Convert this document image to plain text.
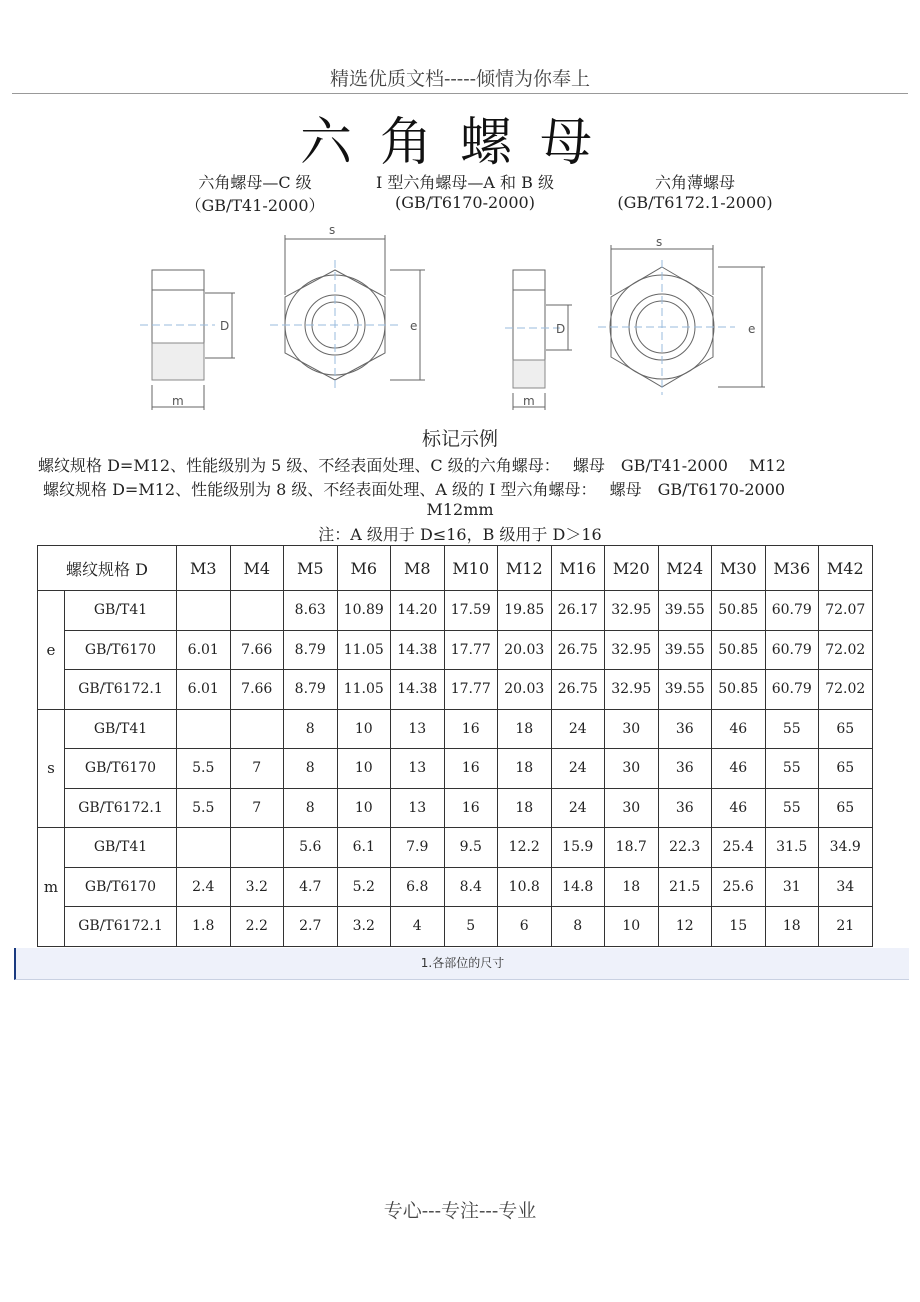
精选优质文档-----倾情为你奉上
六角螺母
六角螺母—C 级
（GB/T41-2000）
I 型六角螺母—A 和 B 级
(GB/T6170-2000)
六角薄螺母
(GB/T6172.1-2000)
s
D	e
m
s
D	e
m
标记示例
螺纹规格 D=M12、性能级别为 5 级、不经表面处理、C 级的六角螺母：　 螺母　GB/T41-2000　 M12
螺纹规格 D=M12、性能级别为 8 级、不经表面处理、A 级的 I 型六角螺母：　 螺母　GB/T6170-2000
M12mm
注：A 级用于 D≤16，B 级用于 D＞16
螺纹规格 D		M3	M4	M5	M6	M8	M10	M12	M16	M20	M24	M30	M36	M42
e	GB/T41			8.63	10.89	14.20	17.59	19.85	26.17	32.95	39.55	50.85	60.79	72.07
	GB/T6170	6.01	7.66	8.79	11.05	14.38	17.77	20.03	26.75	32.95	39.55	50.85	60.79	72.02
	GB/T6172.1	6.01	7.66	8.79	11.05	14.38	17.77	20.03	26.75	32.95	39.55	50.85	60.79	72.02
s	GB/T41			8	10	13	16	18	24	30	36	46	55	65
	GB/T6170	5.5	7	8	10	13	16	18	24	30	36	46	55	65
	GB/T6172.1	5.5	7	8	10	13	16	18	24	30	36	46	55	65
m	GB/T41			5.6	6.1	7.9	9.5	12.2	15.9	18.7	22.3	25.4	31.5	34.9
	GB/T6170	2.4	3.2	4.7	5.2	6.8	8.4	10.8	14.8	18	21.5	25.6	31	34
	GB/T6172.1	1.8	2.2	2.7	3.2	4	5	6	8	10	12	15	18	21
1.各部位的尺寸
专心---专注---专业
